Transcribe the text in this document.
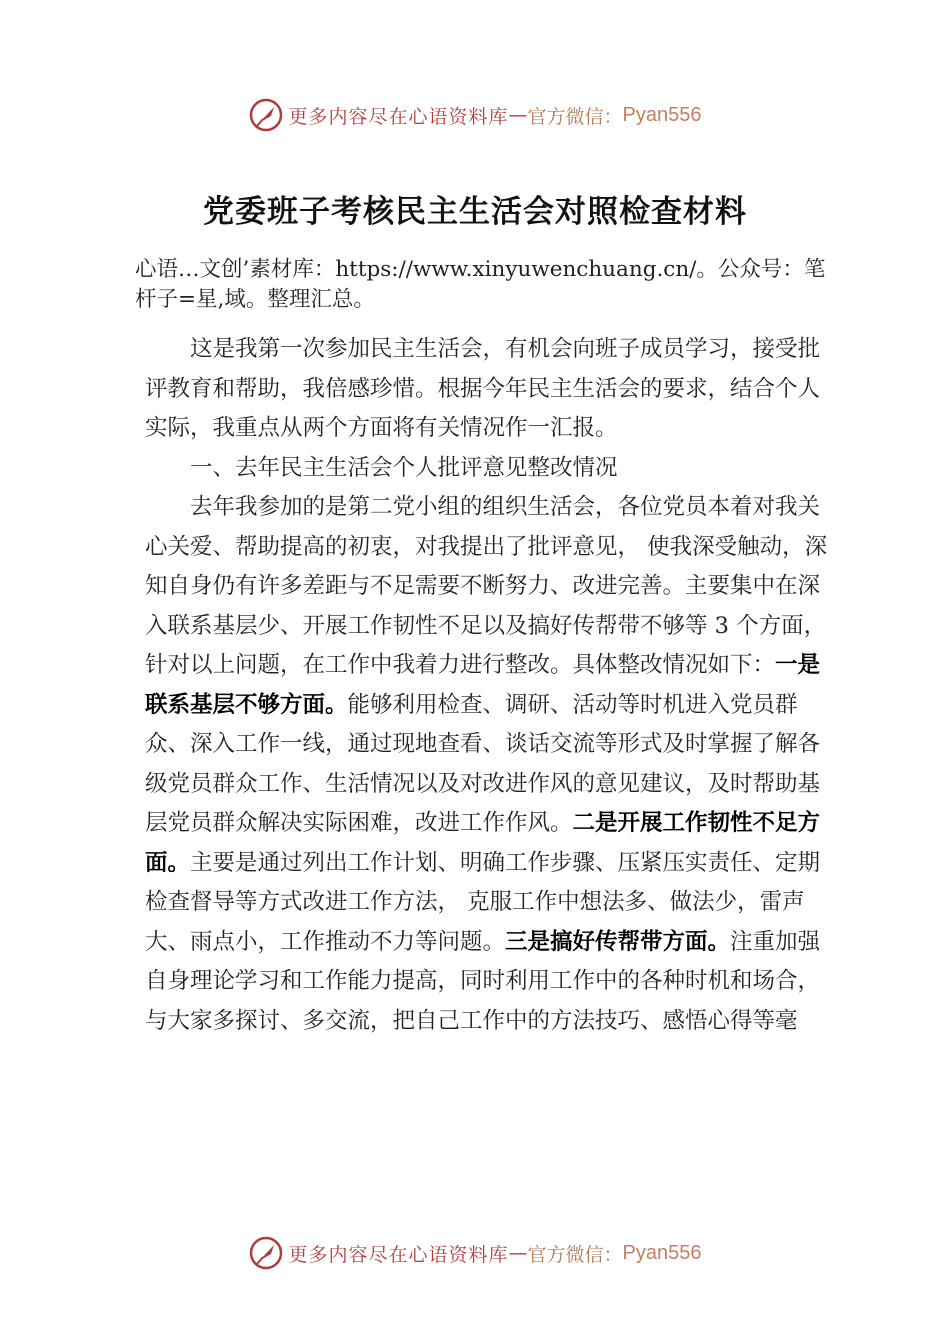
更多内容尽在心语资料库 — 官方微信： Pyan556
党委班子考核民主生活会对照检查材料
心语…文创’素材库：https://www.xinyuwenchuang.cn/。公众号：笔杆子=星,域。整理汇总。

这是我第一次参加民主生活会，有机会向班子成员学习，接受批评教育和帮助，我倍感珍惜。根据今年民主生活会的要求，结合个人实际，我重点从两个方面将有关情况作一汇报。

一、去年民主生活会个人批评意见整改情况

去年我参加的是第二党小组的组织生活会，各位党员本着对我关心关爱、帮助提高的初衷，对我提出了批评意见， 使我深受触动，深知自身仍有许多差距与不足需要不断努力、改进完善。主要集中在深入联系基层少、开展工作韧性不足以及搞好传帮带不够等 3 个方面，针对以上问题，在工作中我着力进行整改。具体整改情况如下：一是联系基层不够方面。能够利用检查、调研、活动等时机进入党员群众、深入工作一线，通过现地查看、谈话交流等形式及时掌握了解各级党员群众工作、生活情况以及对改进作风的意见建议，及时帮助基层党员群众解决实际困难，改进工作作风。二是开展工作韧性不足方面。主要是通过列出工作计划、明确工作步骤、压紧压实责任、定期检查督导等方式改进工作方法， 克服工作中想法多、做法少，雷声大、雨点小，工作推动不力等问题。三是搞好传帮带方面。注重加强自身理论学习和工作能力提高，同时利用工作中的各种时机和场合，与大家多探讨、多交流，把自己工作中的方法技巧、感悟心得等毫

更多内容尽在心语资料库 — 官方微信： Pyan556
